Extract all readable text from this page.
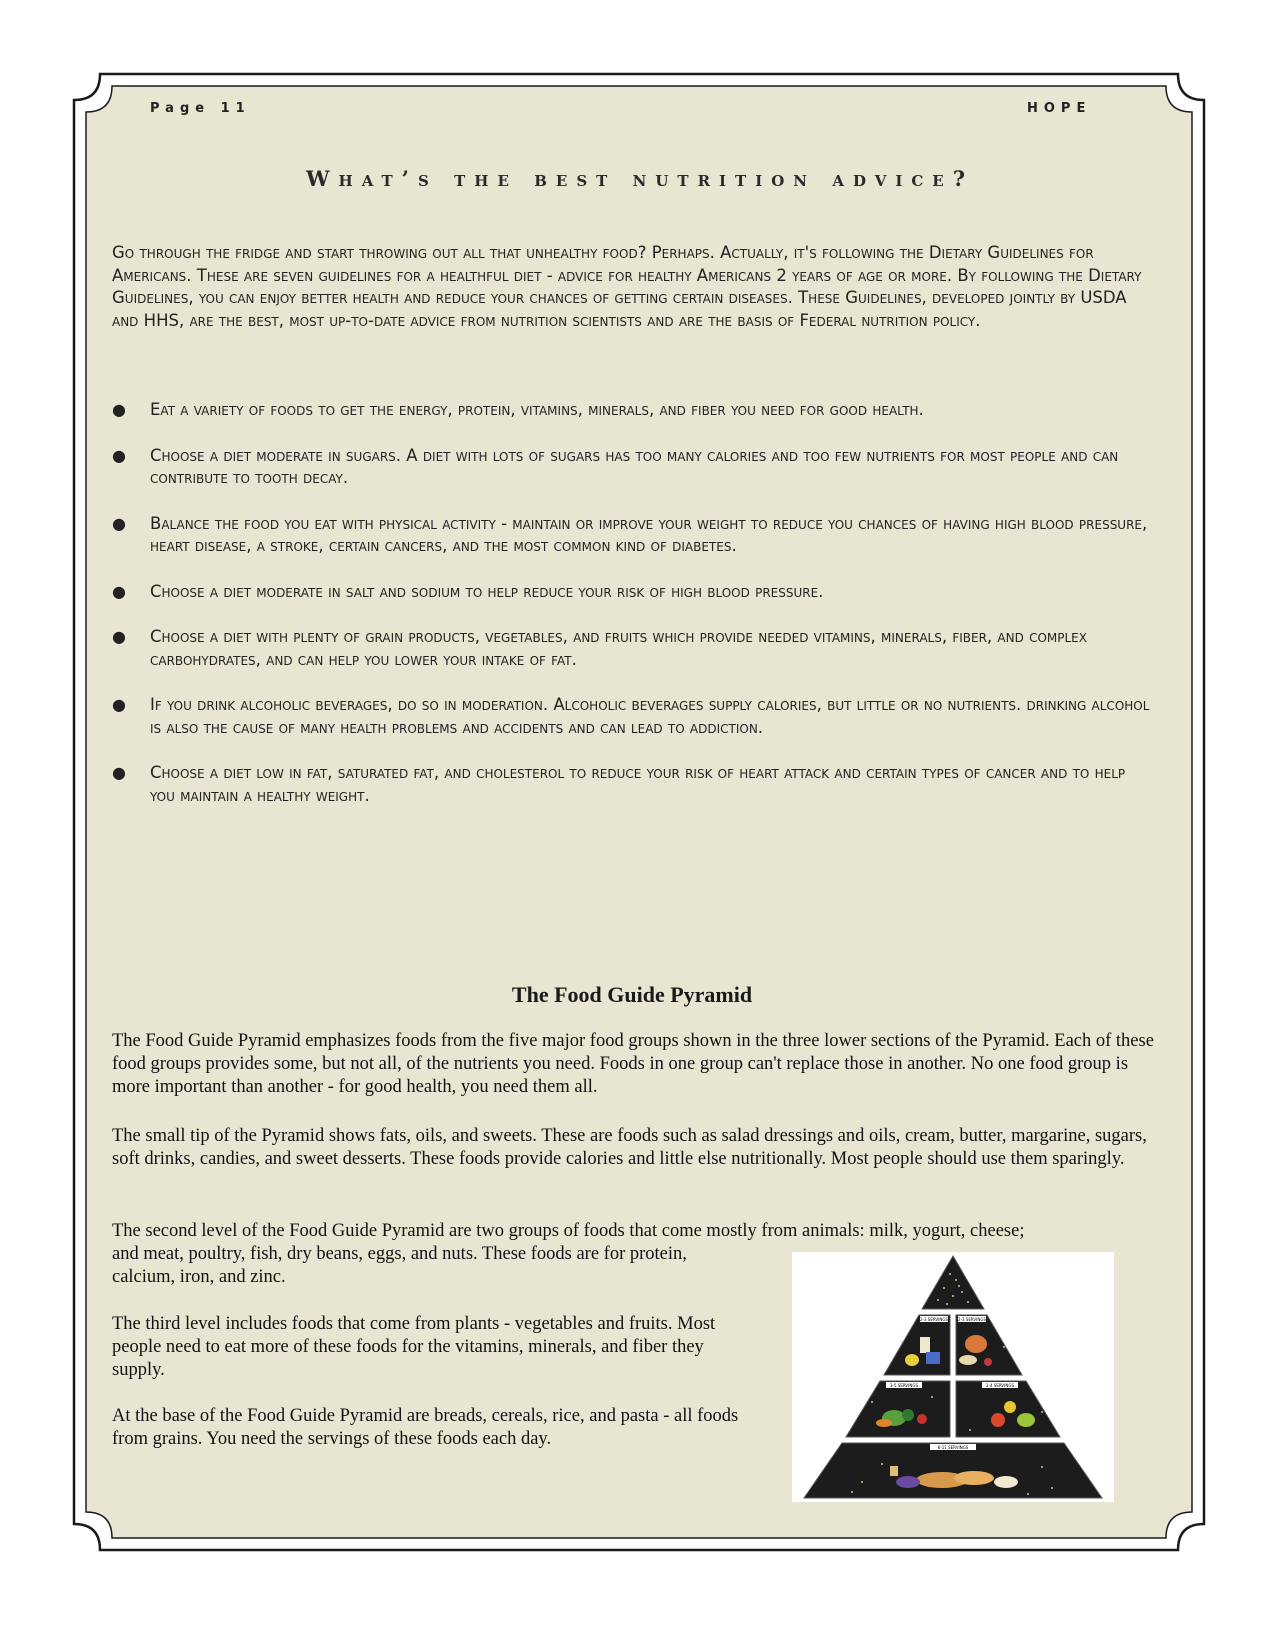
Page 11	HOPE
What’s the best nutrition advice?
Go through the fridge and start throwing out all that unhealthy food? Perhaps. Actually, it's following the Dietary Guidelines for Americans. These are seven guidelines for a healthful diet - advice for healthy Americans 2 years of age or more. By following the Dietary Guidelines, you can enjoy better health and reduce your chances of getting certain diseases. These Guidelines, developed jointly by USDA and HHS, are the best, most up-to-date advice from nutrition scientists and are the basis of Federal nutrition policy.
● Eat a variety of foods to get the energy, protein, vitamins, minerals, and fiber you need for good health.
● Choose a diet moderate in sugars. A diet with lots of sugars has too many calories and too few nutrients for most people and can contribute to tooth decay.
● Balance the food you eat with physical activity - maintain or improve your weight to reduce you chances of having high blood pressure, heart disease, a stroke, certain cancers, and the most common kind of diabetes.
● Choose a diet moderate in salt and sodium to help reduce your risk of high blood pressure.
● Choose a diet with plenty of grain products, vegetables, and fruits which provide needed vitamins, minerals, fiber, and complex carbohydrates, and can help you lower your intake of fat.
● If you drink alcoholic beverages, do so in moderation. Alcoholic beverages supply calories, but little or no nutrients. drinking alcohol is also the cause of many health problems and accidents and can lead to addiction.
● Choose a diet low in fat, saturated fat, and cholesterol to reduce your risk of heart attack and certain types of cancer and to help you maintain a healthy weight.
The Food Guide Pyramid
The Food Guide Pyramid emphasizes foods from the five major food groups shown in the three lower sections of the Pyramid. Each of these food groups provides some, but not all, of the nutrients you need. Foods in one group can't replace those in another. No one food group is more important than another - for good health, you need them all.
The small tip of the Pyramid shows fats, oils, and sweets. These are foods such as salad dressings and oils, cream, butter, margarine, sugars, soft drinks, candies, and sweet desserts. These foods provide calories and little else nutritionally. Most people should use them sparingly.
The second level of the Food Guide Pyramid are two groups of foods that come mostly from animals: milk, yogurt, cheese;
and meat, poultry, fish, dry beans, eggs, and nuts. These foods are for protein, calcium, iron, and zinc.
The third level includes foods that come from plants - vegetables and fruits. Most people need to eat more of these foods for the vitamins, minerals, and fiber they supply.
At the base of the Food Guide Pyramid are breads, cereals, rice, and pasta - all foods from grains. You need the servings of these foods each day.
2-3 SERVINGS	2-3 SERVINGS
3-5 SERVINGS	2-4 SERVINGS
6-11 SERVINGS
